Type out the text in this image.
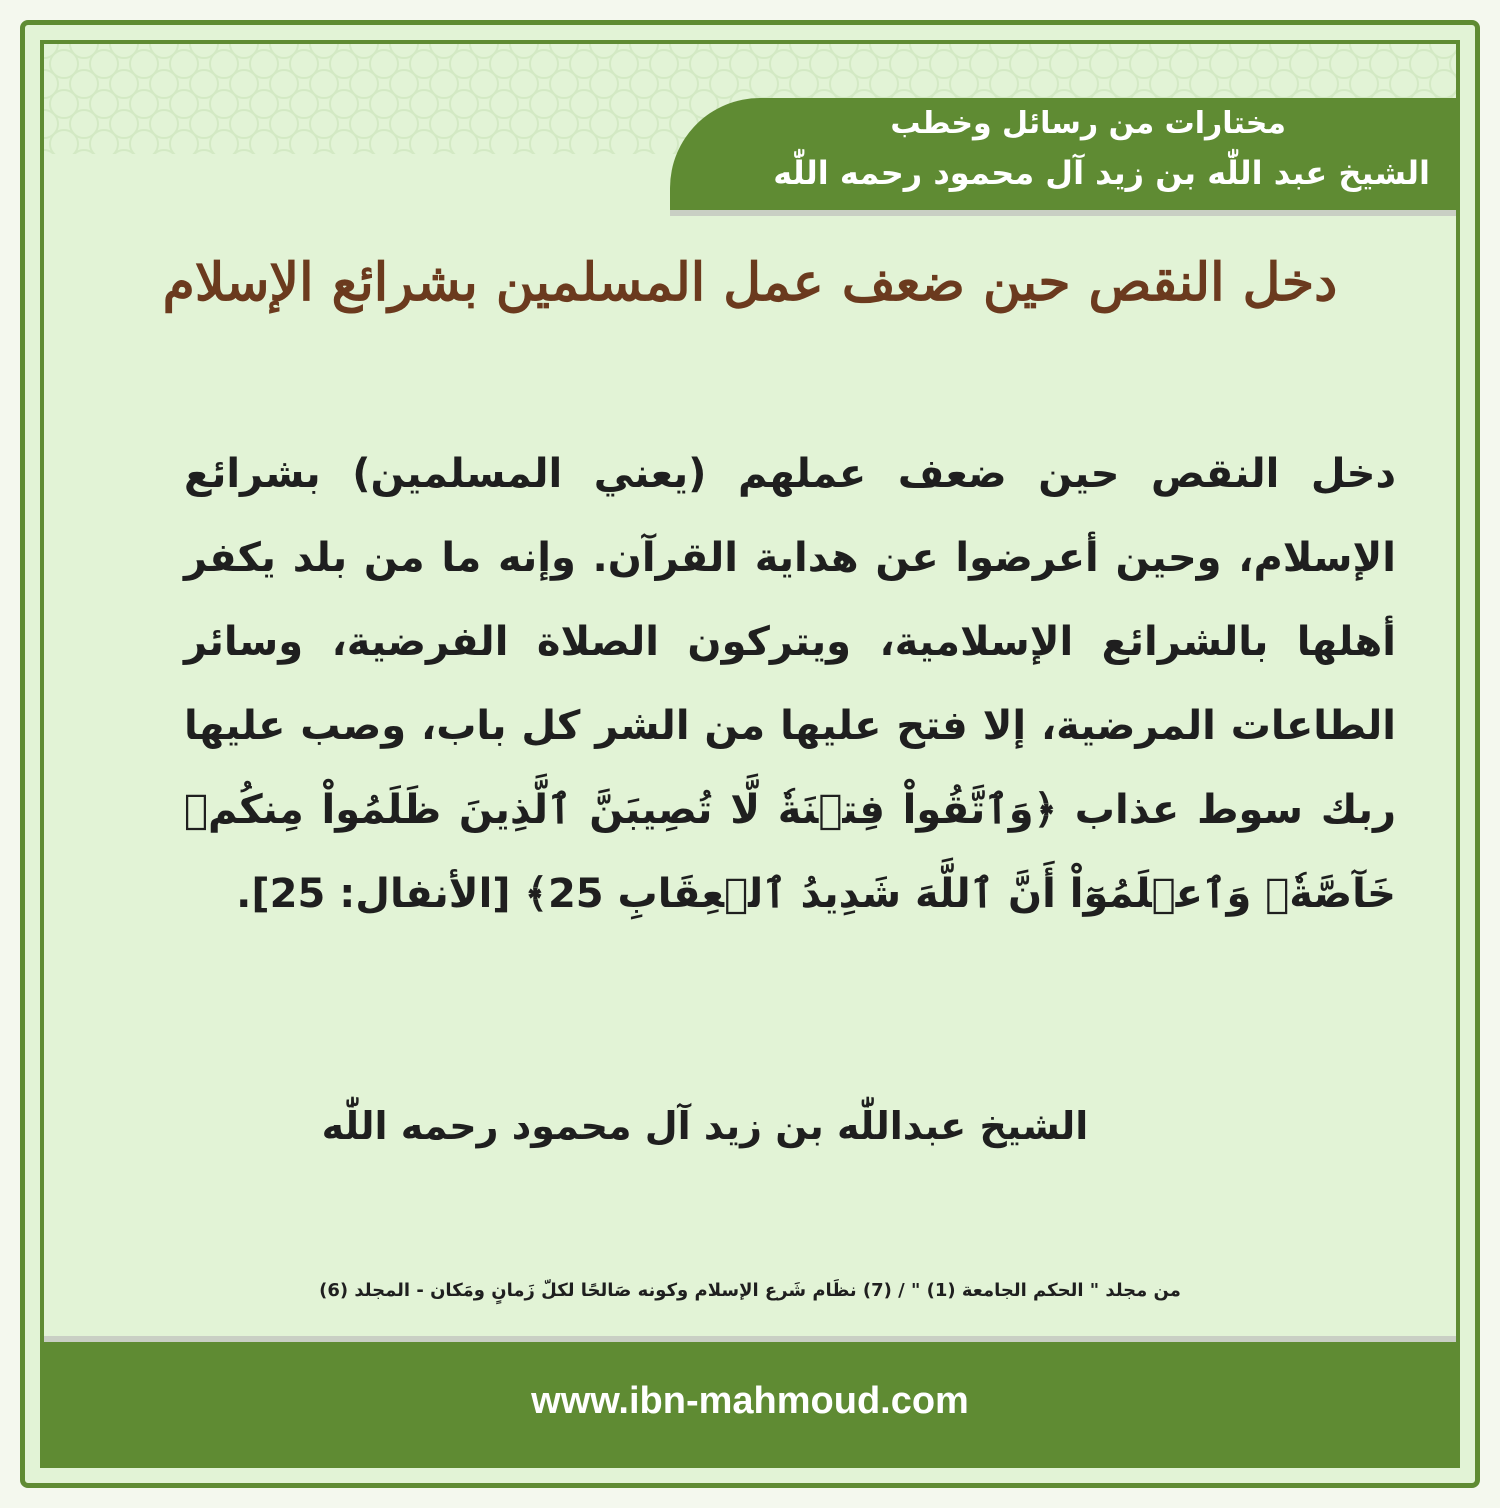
مختارات من رسائل وخطب
الشيخ عبد اللّٰه بن زيد آل محمود رحمه اللّٰه
دخل النقص حين ضعف عمل المسلمين بشرائع الإسلام
دخل النقص حين ضعف عملهم (يعني المسلمين) بشرائع الإسلام، وحين أعرضوا عن هداية القرآن. وإنه ما من بلد يكفر أهلها بالشرائع الإسلامية، ويتركون الصلاة الفرضية، وسائر الطاعات المرضية، إلا فتح عليها من الشر كل باب، وصب عليها ربك سوط عذاب ﴿وَٱتَّقُواْ فِتۡنَةٗ لَّا تُصِيبَنَّ ٱلَّذِينَ ظَلَمُواْ مِنكُمۡ خَآصَّةٗۖ وَٱعۡلَمُوٓاْ أَنَّ ٱللَّهَ شَدِيدُ ٱلۡعِقَابِ 25﴾ [الأنفال: 25].
الشيخ عبداللّٰه بن زيد آل محمود رحمه اللّٰه
من مجلد " الحكم الجامعة (1) " / (7) نظَام شَرع الإسلام وكونه صَالحًا لكلّ زَمانٍ ومَكان - المجلد (6)
www.ibn-mahmoud.com
